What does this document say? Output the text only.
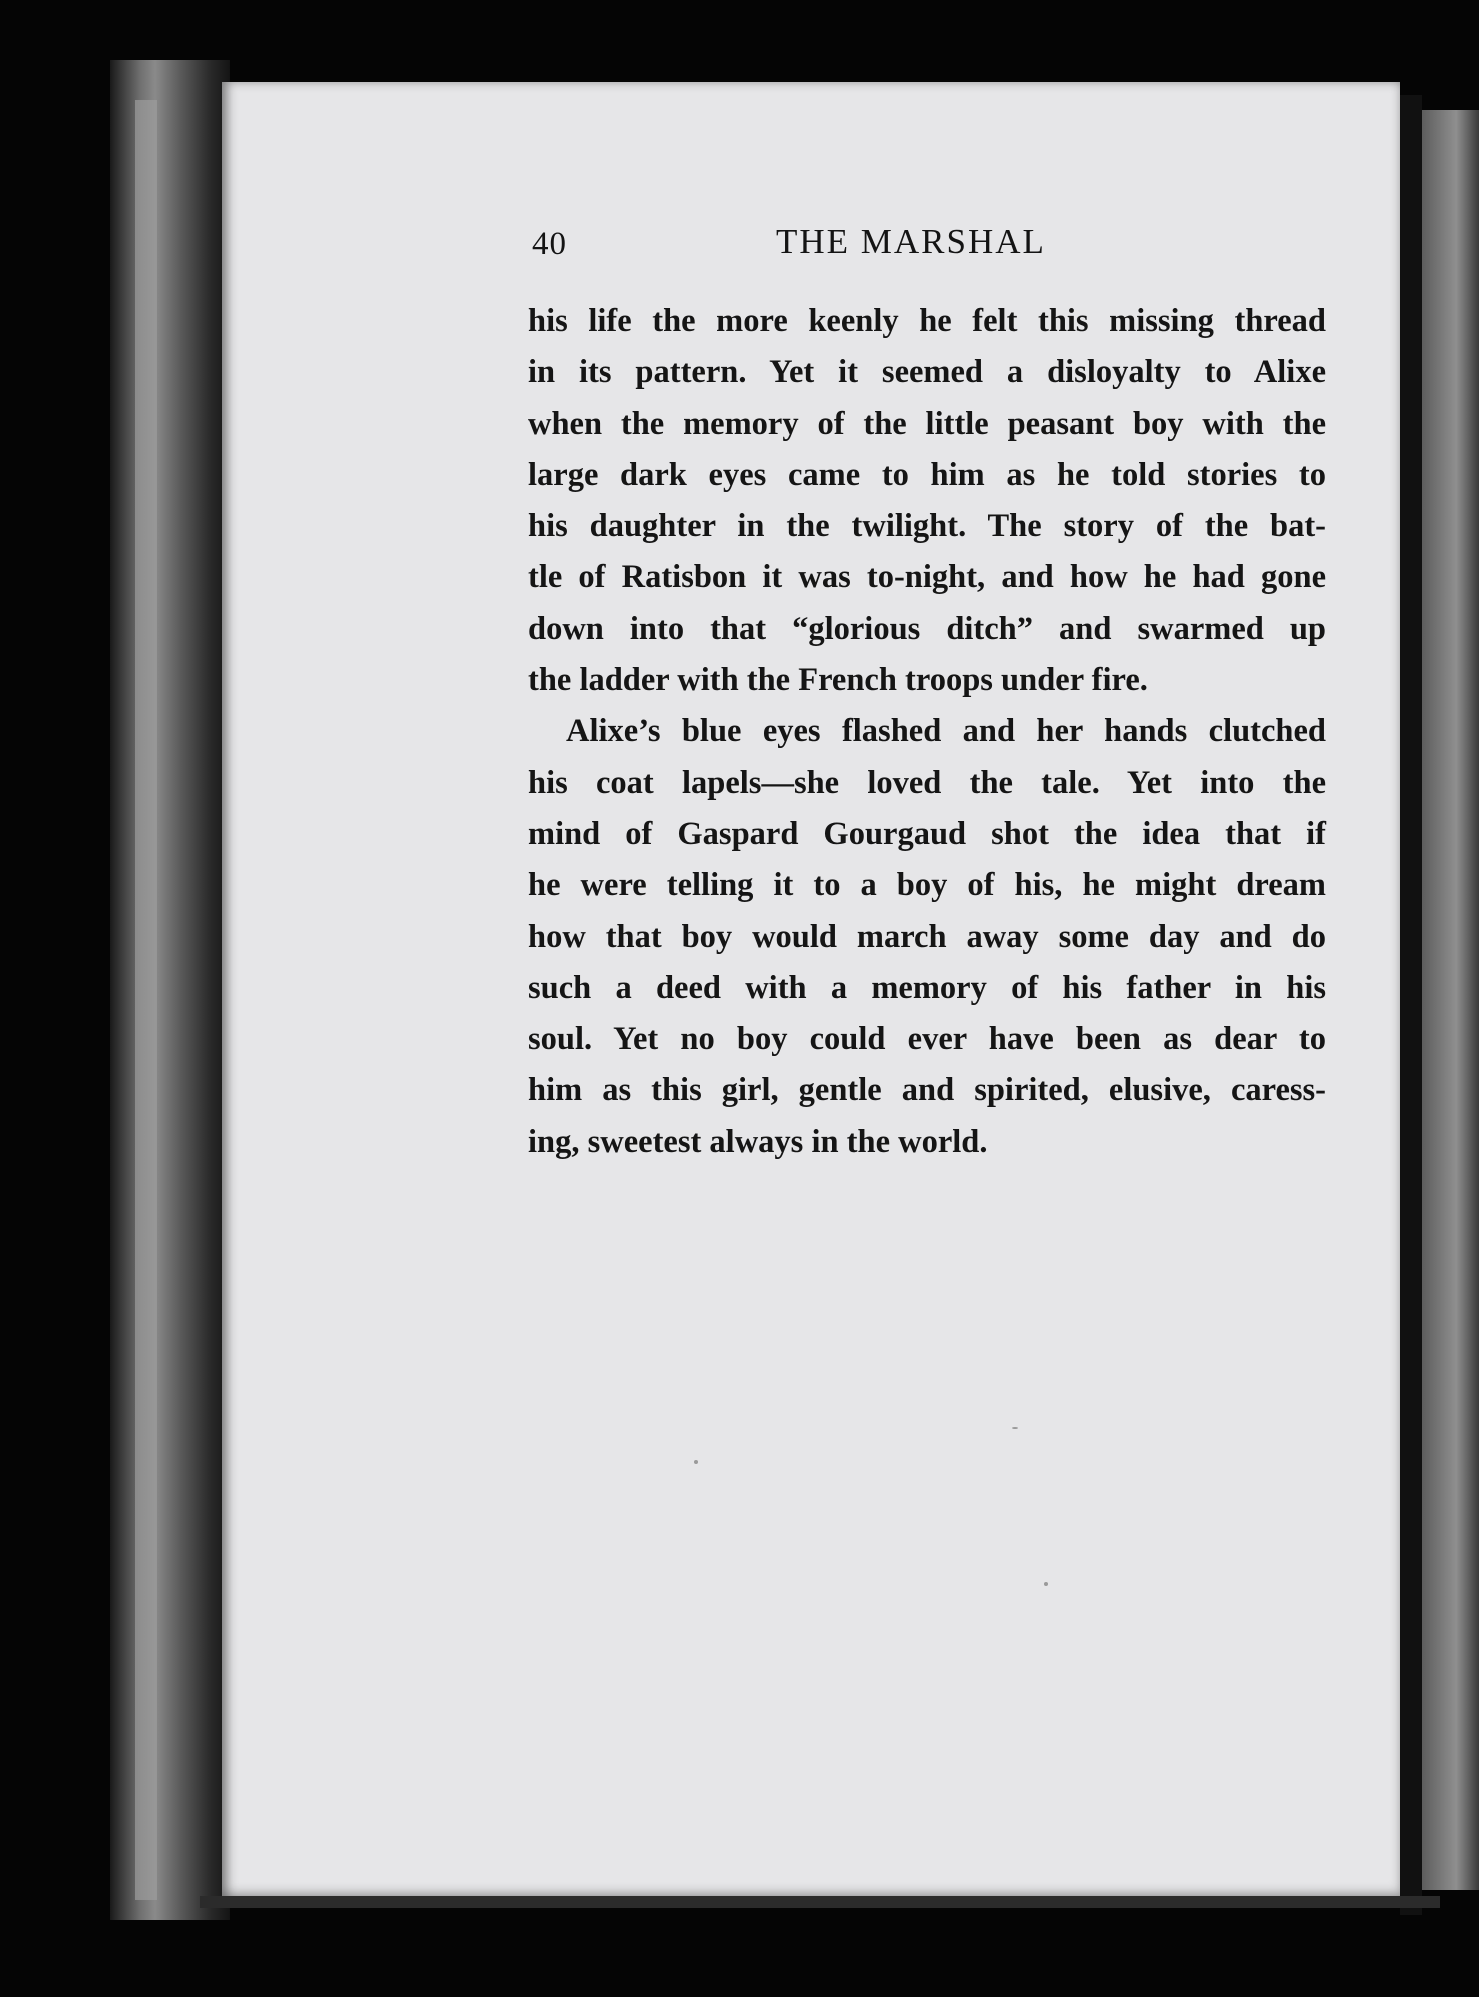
40	THE MARSHAL
his life the more keenly he felt this missing thread
in its pattern. Yet it seemed a disloyalty to Alixe
when the memory of the little peasant boy with the
large dark eyes came to him as he told stories to
his daughter in the twilight. The story of the bat-
tle of Ratisbon it was to-night, and how he had gone
down into that “glorious ditch” and swarmed up
the ladder with the French troops under fire.
Alixe’s blue eyes flashed and her hands clutched
his coat lapels—she loved the tale. Yet into the
mind of Gaspard Gourgaud shot the idea that if
he were telling it to a boy of his, he might dream
how that boy would march away some day and do
such a deed with a memory of his father in his
soul. Yet no boy could ever have been as dear to
him as this girl, gentle and spirited, elusive, caress-
ing, sweetest always in the world.
